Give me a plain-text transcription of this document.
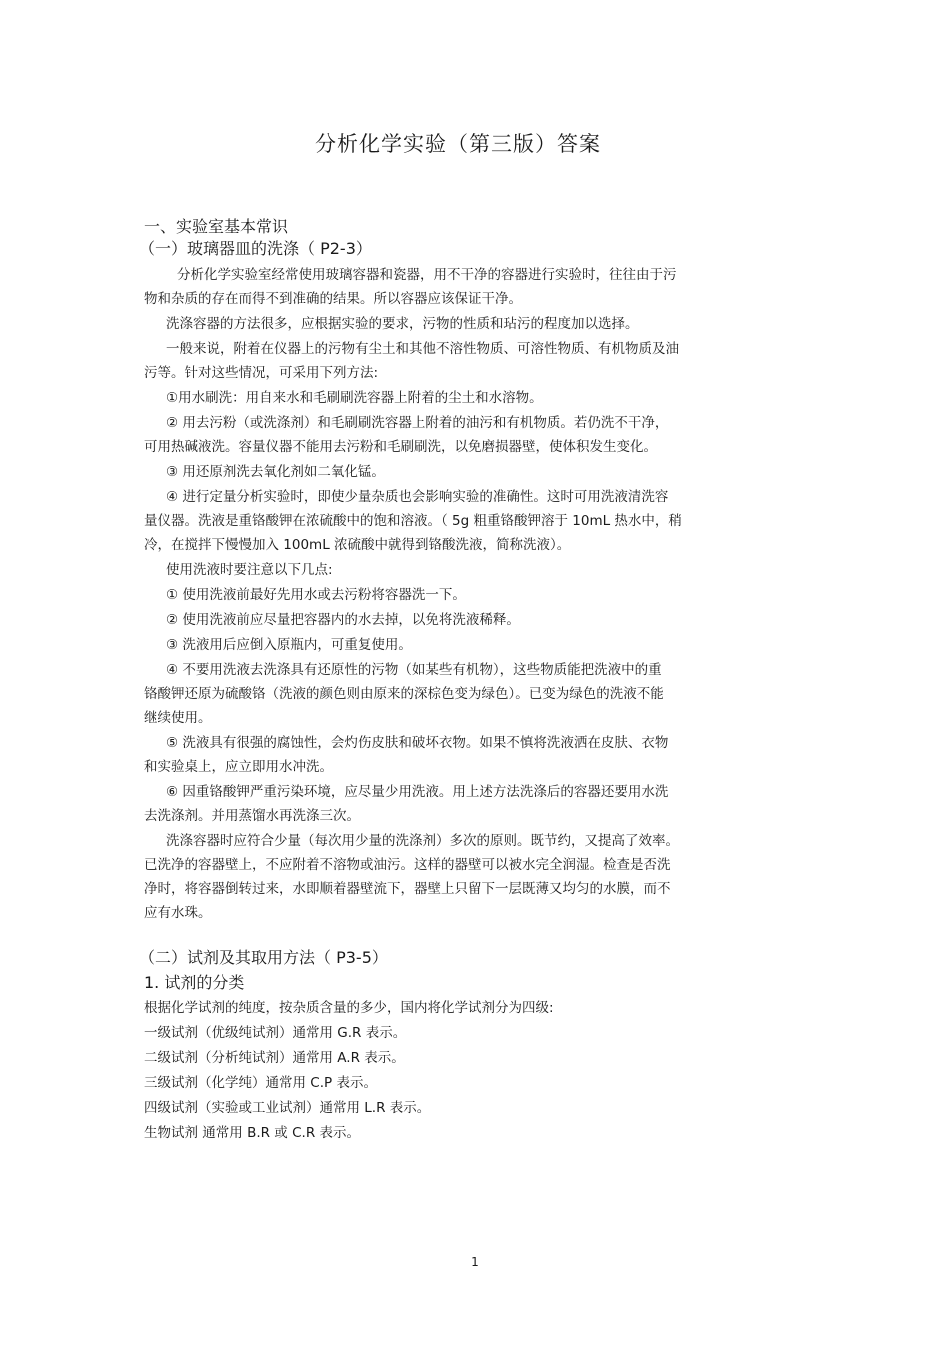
分析化学实验（第三版）答案
一、实验室基本常识
（一）玻璃器皿的洗涤（ P2-3）
分析化学实验室经常使用玻璃容器和瓷器，用不干净的容器进行实验时，往往由于污
物和杂质的存在而得不到准确的结果。所以容器应该保证干净。
洗涤容器的方法很多，应根据实验的要求，污物的性质和玷污的程度加以选择。
一般来说，附着在仪器上的污物有尘土和其他不溶性物质、可溶性物质、有机物质及油
污等。针对这些情况，可采用下列方法:
①用水刷洗：用自来水和毛刷刷洗容器上附着的尘土和水溶物。
② 用去污粉（或洗涤剂）和毛刷刷洗容器上附着的油污和有机物质。若仍洗不干净，
可用热碱液洗。容量仪器不能用去污粉和毛刷刷洗，以免磨损器壁，使体积发生变化。
③ 用还原剂洗去氧化剂如二氧化锰。
④ 进行定量分析实验时，即使少量杂质也会影响实验的准确性。这时可用洗液清洗容
量仪器。洗液是重铬酸钾在浓硫酸中的饱和溶液。（ 5g 粗重铬酸钾溶于 10mL 热水中，稍
冷，在搅拌下慢慢加入 100mL 浓硫酸中就得到铬酸洗液，简称洗液）。
使用洗液时要注意以下几点:
① 使用洗液前最好先用水或去污粉将容器洗一下。
② 使用洗液前应尽量把容器内的水去掉，以免将洗液稀释。
③ 洗液用后应倒入原瓶内，可重复使用。
④ 不要用洗液去洗涤具有还原性的污物（如某些有机物），这些物质能把洗液中的重
铬酸钾还原为硫酸铬（洗液的颜色则由原来的深棕色变为绿色）。已变为绿色的洗液不能
继续使用。
⑤ 洗液具有很强的腐蚀性，会灼伤皮肤和破坏衣物。如果不慎将洗液洒在皮肤、衣物
和实验桌上，应立即用水冲洗。
⑥ 因重铬酸钾严重污染环境，应尽量少用洗液。用上述方法洗涤后的容器还要用水洗
去洗涤剂。并用蒸馏水再洗涤三次。
洗涤容器时应符合少量（每次用少量的洗涤剂）多次的原则。既节约，又提高了效率。
已洗净的容器壁上，不应附着不溶物或油污。这样的器壁可以被水完全润湿。检查是否洗
净时，将容器倒转过来，水即顺着器壁流下，器壁上只留下一层既薄又均匀的水膜，而不
应有水珠。
（二）试剂及其取用方法（ P3-5）
1. 试剂的分类
根据化学试剂的纯度，按杂质含量的多少，国内将化学试剂分为四级:
一级试剂（优级纯试剂）通常用 G.R 表示。
二级试剂（分析纯试剂）通常用 A.R 表示。
三级试剂（化学纯）通常用 C.P 表示。
四级试剂（实验或工业试剂）通常用 L.R 表示。
生物试剂 通常用 B.R 或 C.R 表示。
1
